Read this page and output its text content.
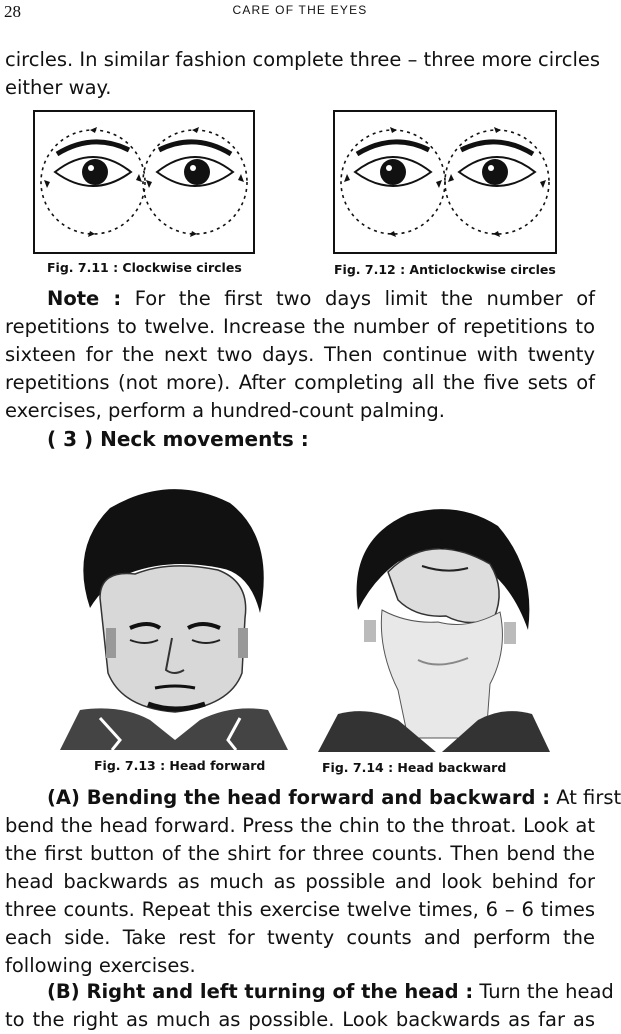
28	CARE OF THE EYES
circles. In similar fashion complete three – three more circles
either way.
Fig. 7.11 : Clockwise circles	Fig. 7.12 : Anticlockwise circles
Note : For the first two days limit the number of
repetitions to twelve. Increase the number of repetitions to
sixteen for the next two days. Then continue with twenty
repetitions (not more). After completing all the five sets of
exercises, perform a hundred-count palming.
( 3 ) Neck movements :
Fig. 7.13 : Head forward	Fig. 7.14 : Head backward
(A) Bending the head forward and backward : At first
bend the head forward. Press the chin to the throat. Look at
the first button of the shirt for three counts. Then bend the
head backwards as much as possible and look behind for
three counts. Repeat this exercise twelve times, 6 – 6 times
each side. Take rest for twenty counts and perform the
following exercises.
(B) Right and left turning of the head : Turn the head
to the right as much as possible. Look backwards as far as
